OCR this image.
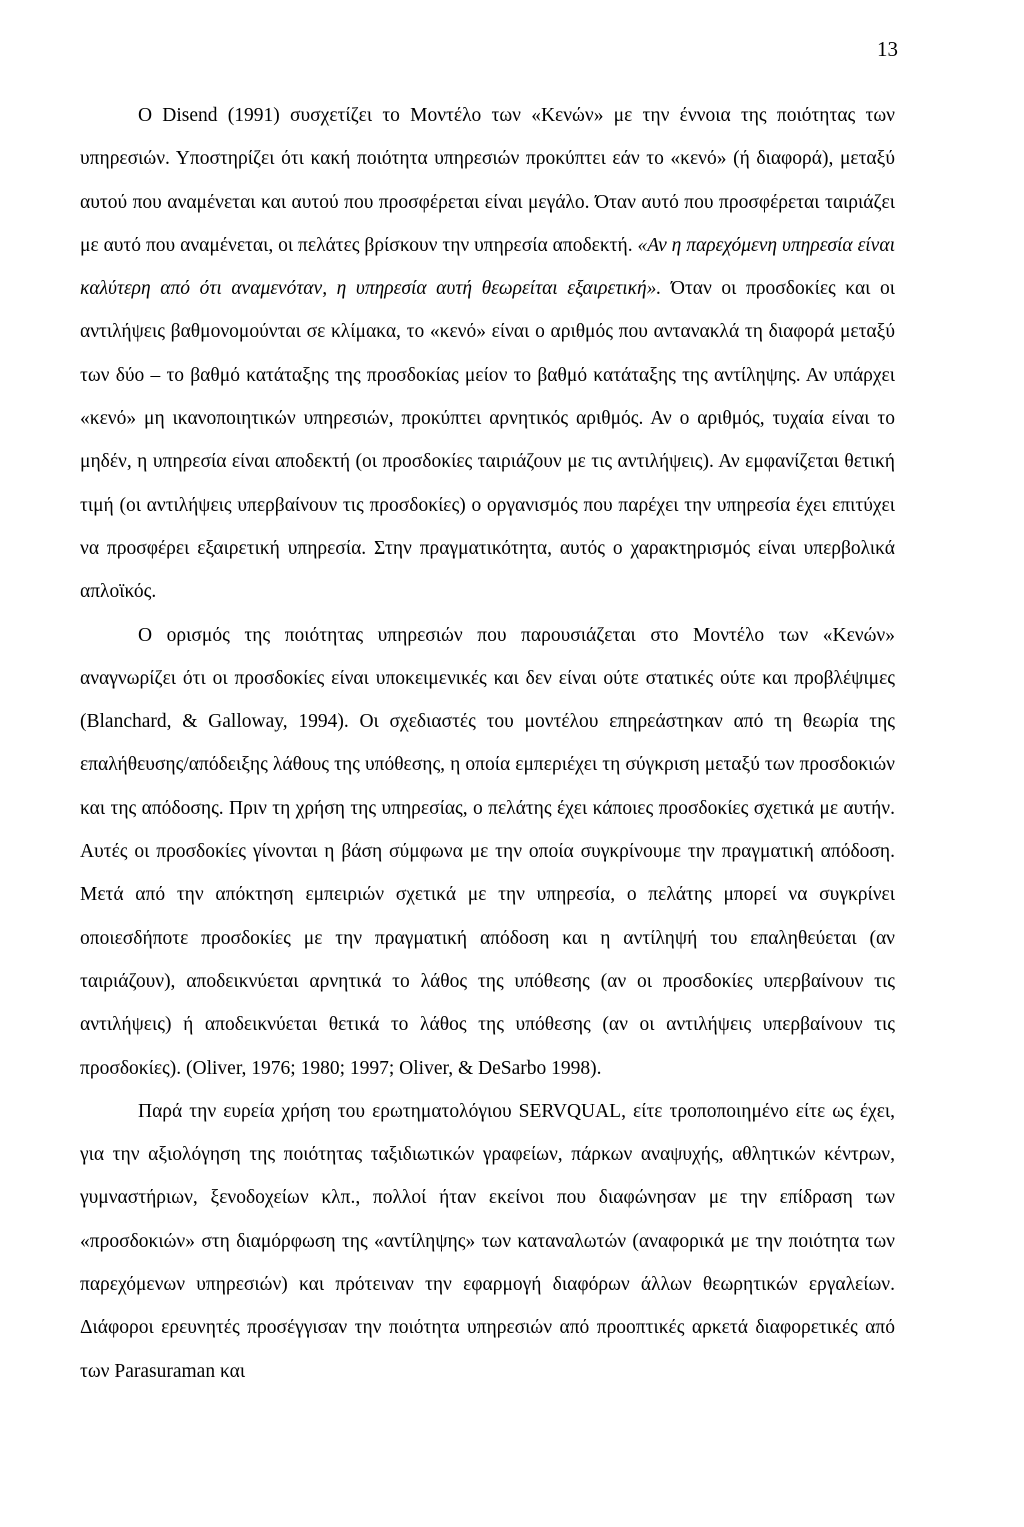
13

Ο Disend (1991) συσχετίζει το Μοντέλο των «Κενών» με την έννοια της ποιότητας των υπηρεσιών. Υποστηρίζει ότι κακή ποιότητα υπηρεσιών προκύπτει εάν το «κενό» (ή διαφορά), μεταξύ αυτού που αναμένεται και αυτού που προσφέρεται είναι μεγάλο. Όταν αυτό που προσφέρεται ταιριάζει με αυτό που αναμένεται, οι πελάτες βρίσκουν την υπηρεσία αποδεκτή. «Αν η παρεχόμενη υπηρεσία είναι καλύτερη από ότι αναμενόταν, η υπηρεσία αυτή θεωρείται εξαιρετική». Όταν οι προσδοκίες και οι αντιλήψεις βαθμονομούνται σε κλίμακα, το «κενό» είναι ο αριθμός που αντανακλά τη διαφορά μεταξύ των δύο – το βαθμό κατάταξης της προσδοκίας μείον το βαθμό κατάταξης της αντίληψης. Αν υπάρχει «κενό» μη ικανοποιητικών υπηρεσιών, προκύπτει αρνητικός αριθμός. Αν ο αριθμός, τυχαία είναι το μηδέν, η υπηρεσία είναι αποδεκτή (οι προσδοκίες ταιριάζουν με τις αντιλήψεις). Αν εμφανίζεται θετική τιμή (οι αντιλήψεις υπερβαίνουν τις προσδοκίες) ο οργανισμός που παρέχει την υπηρεσία έχει επιτύχει να προσφέρει εξαιρετική υπηρεσία. Στην πραγματικότητα, αυτός ο χαρακτηρισμός είναι υπερβολικά απλοϊκός.

Ο ορισμός της ποιότητας υπηρεσιών που παρουσιάζεται στο Μοντέλο των «Κενών» αναγνωρίζει ότι οι προσδοκίες είναι υποκειμενικές και δεν είναι ούτε στατικές ούτε και προβλέψιμες (Blanchard, & Galloway, 1994). Οι σχεδιαστές του μοντέλου επηρεάστηκαν από τη θεωρία της επαλήθευσης/απόδειξης λάθους της υπόθεσης, η οποία εμπεριέχει τη σύγκριση μεταξύ των προσδοκιών και της απόδοσης. Πριν τη χρήση της υπηρεσίας, ο πελάτης έχει κάποιες προσδοκίες σχετικά με αυτήν. Αυτές οι προσδοκίες γίνονται η βάση σύμφωνα με την οποία συγκρίνουμε την πραγματική απόδοση. Μετά από την απόκτηση εμπειριών σχετικά με την υπηρεσία, ο πελάτης μπορεί να συγκρίνει οποιεσδήποτε προσδοκίες με την πραγματική απόδοση και η αντίληψή του επαληθεύεται (αν ταιριάζουν), αποδεικνύεται αρνητικά το λάθος της υπόθεσης (αν οι προσδοκίες υπερβαίνουν τις αντιλήψεις) ή αποδεικνύεται θετικά το λάθος της υπόθεσης (αν οι αντιλήψεις υπερβαίνουν τις προσδοκίες). (Oliver, 1976; 1980; 1997; Oliver, & DeSarbo 1998).

Παρά την ευρεία χρήση του ερωτηματολόγιου SERVQUAL, είτε τροποποιημένο είτε ως έχει, για την αξιολόγηση της ποιότητας ταξιδιωτικών γραφείων, πάρκων αναψυχής, αθλητικών κέντρων, γυμναστήριων, ξενοδοχείων κλπ., πολλοί ήταν εκείνοι που διαφώνησαν με την επίδραση των «προσδοκιών» στη διαμόρφωση της «αντίληψης» των καταναλωτών (αναφορικά με την ποιότητα των παρεχόμενων υπηρεσιών) και πρότειναν την εφαρμογή διαφόρων άλλων θεωρητικών εργαλείων. Διάφοροι ερευνητές προσέγγισαν την ποιότητα υπηρεσιών από προοπτικές αρκετά διαφορετικές από των Parasuraman και
